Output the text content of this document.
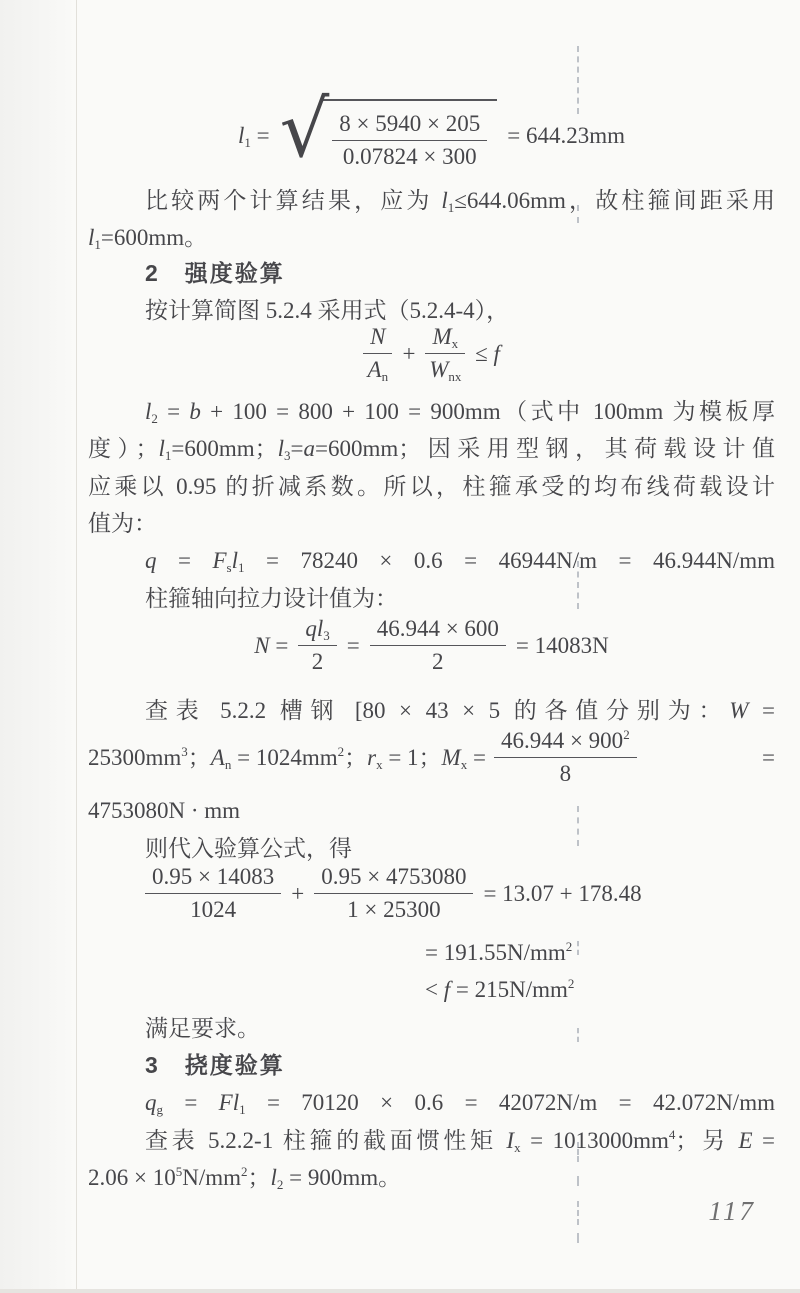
$l_1$ = √ $\frac{8 \times 5940 \times 205}{0.07824 \times 300} = 644.23mm$
比较两个计算结果，应为 $l_1\le 644.06mm$，故柱箍间距采用
$l_1=600mm$。
2　强度验算
按计算简图 5.2.4 采用式（5.2.4-4），
$\frac{N}{A_n} + \frac{M_x}{W_{nx}} \le f$
$l_2 = b + 100 = 800 + 100 = 900mm$（式中 100mm 为模板厚
度）；$l_1=600mm$；$l_3=a=600mm$；因采用型钢，其荷载设计值
应乘以 0.95 的折减系数。所以，柱箍承受的均布线荷载设计
值为：
$q = F_sl_1 = 78240 \times 0.6 = 46944N/m = 46.944N/mm$
柱箍轴向拉力设计值为：
$N = \frac{ql_3}{2} = \frac{46.944 \times 600}{2} = 14083N$
查表 5.2.2 槽钢 [80 × 43 × 5 的各值分别为：W =
$25300mm^3$；$A_n = 1024mm^2$；$r_x = 1$；$M_x = \frac{46.944 \times 900^2}{8}$	=
4753080N · mm
则代入验算公式，得
$\frac{0.95 \times 14083}{1024} + \frac{0.95 \times 4753080}{1 \times 25300} = 13.07 + 178.48$
= $191.55N/mm^2$
< $f = 215N/mm^2$
满足要求。
3　挠度验算
$q_g = Fl_1 = 70120 \times 0.6 = 42072N/m = 42.072N/mm$
查表 5.2.2-1 柱箍的截面惯性矩 $I_x = 1013000mm^4$；另 E =
$2.06 \times 10^5N/mm^2$；$l_2 = 900mm$。
117
